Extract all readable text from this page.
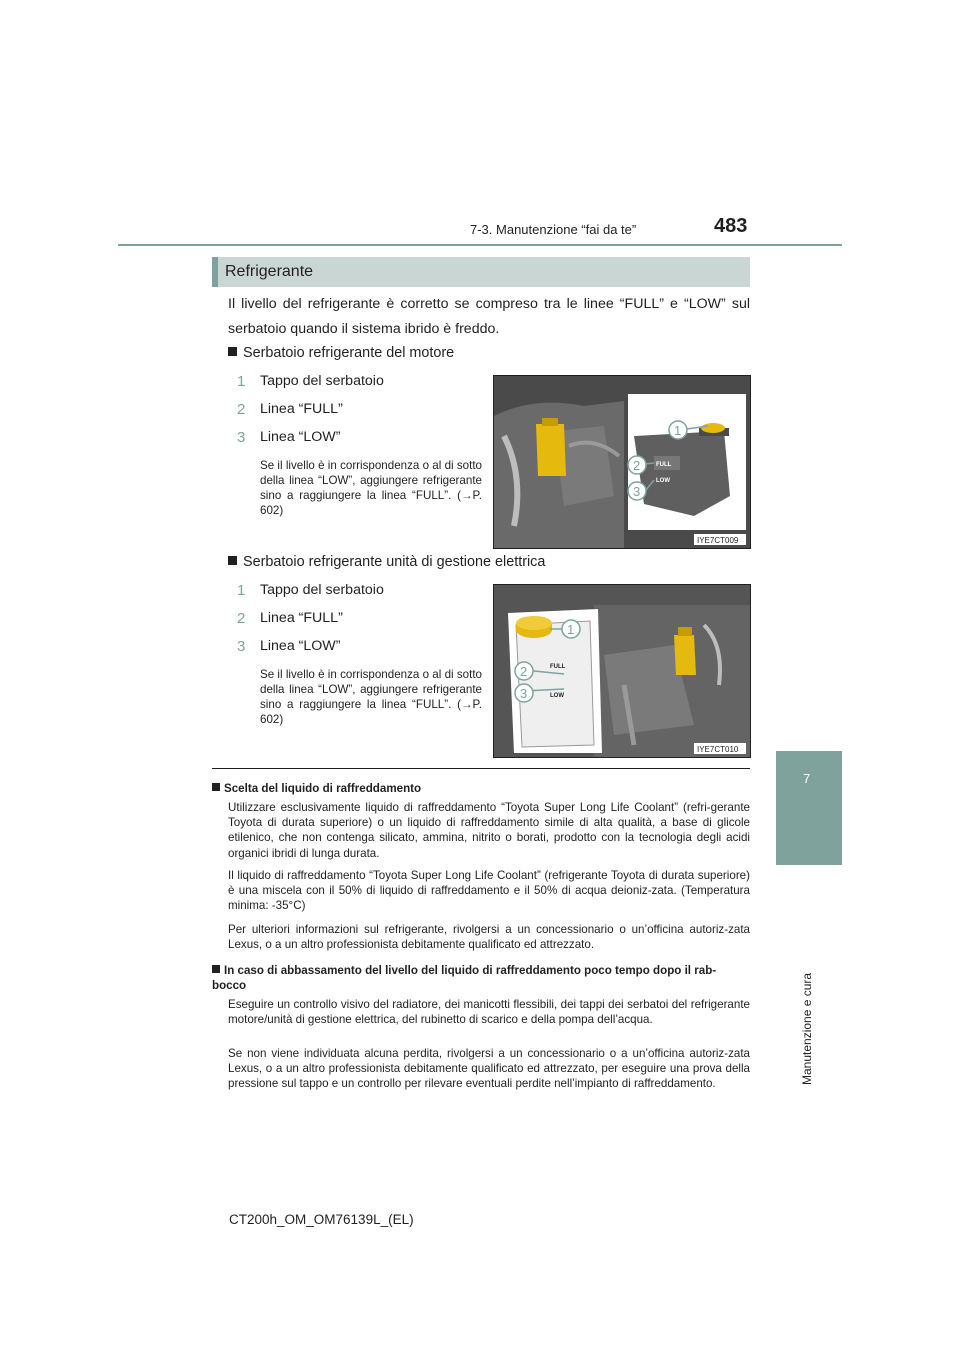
7-3. Manutenzione “fai da te”	483
7
Manutenzione e cura
Refrigerante
Il livello del refrigerante è corretto se compreso tra le linee “FULL” e “LOW” sul serbatoio quando il sistema ibrido è freddo.
Serbatoio refrigerante del motore
1 Tappo del serbatoio
2 Linea “FULL”
3 Linea “LOW”
Se il livello è in corrispondenza o al di sotto della linea “LOW”, aggiungere refrigerante sino a raggiungere la linea “FULL”. (→P. 602)
FULL
LOW
1
2
3
IYE7CT009
Serbatoio refrigerante unità di gestione elettrica
1 Tappo del serbatoio
2 Linea “FULL”
3 Linea “LOW”
Se il livello è in corrispondenza o al di sotto della linea “LOW”, aggiungere refrigerante sino a raggiungere la linea “FULL”. (→P. 602)
FULL
LOW
1
2
3
IYE7CT010
Scelta del liquido di raffreddamento
Utilizzare esclusivamente liquido di raffreddamento “Toyota Super Long Life Coolant” (refri-gerante Toyota di durata superiore) o un liquido di raffreddamento simile di alta qualità, a base di glicole etilenico, che non contenga silicato, ammina, nitrito o borati, prodotto con la tecnologia degli acidi organici ibridi di lunga durata.
Il liquido di raffreddamento “Toyota Super Long Life Coolant” (refrigerante Toyota di durata superiore) è una miscela con il 50% di liquido di raffreddamento e il 50% di acqua deioniz-zata. (Temperatura minima: -35°C)
Per ulteriori informazioni sul refrigerante, rivolgersi a un concessionario o un’officina autoriz-zata Lexus, o a un altro professionista debitamente qualificato ed attrezzato.
In caso di abbassamento del livello del liquido di raffreddamento poco tempo dopo il rab-bocco
Eseguire un controllo visivo del radiatore, dei manicotti flessibili, dei tappi dei serbatoi del refrigerante motore/unità di gestione elettrica, del rubinetto di scarico e della pompa dell’acqua.
Se non viene individuata alcuna perdita, rivolgersi a un concessionario o a un’officina autoriz-zata Lexus, o a un altro professionista debitamente qualificato ed attrezzato, per eseguire una prova della pressione sul tappo e un controllo per rilevare eventuali perdite nell’impianto di raffreddamento.
CT200h_OM_OM76139L_(EL)
